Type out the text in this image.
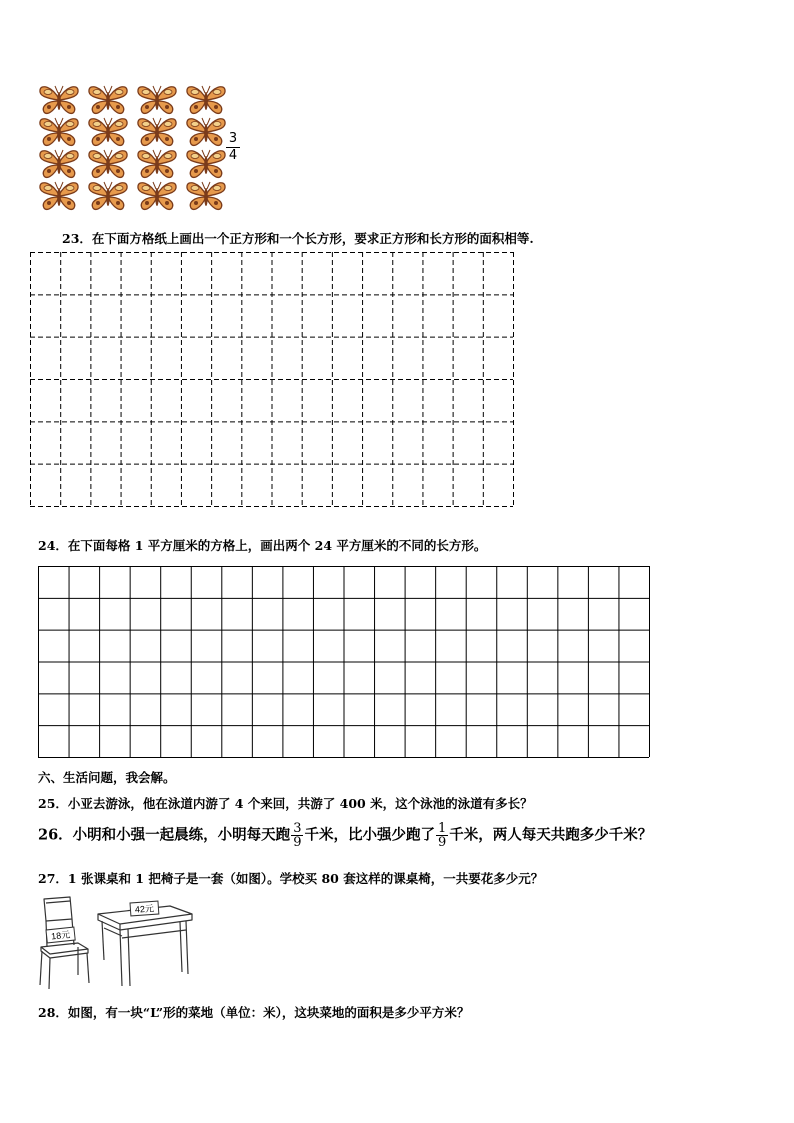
$\frac{3}{4}$
23．在下面方格纸上画出一个正方形和一个长方形，要求正方形和长方形的面积相等.
24．在下面每格 1 平方厘米的方格上，画出两个 24 平方厘米的不同的长方形。
六、生活问题，我会解。
25．小亚去游泳，他在泳道内游了 4 个来回，共游了 400 米，这个泳池的泳道有多长？
26．小明和小强一起晨练，小明每天跑 $\frac{3}{9}$ 千米，比小强少跑了 $\frac{1}{9}$ 千米，两人每天共跑多少千米？
27．1 张课桌和 1 把椅子是一套（如图）。学校买 80 套这样的课桌椅，一共要花多少元？
18元
42元
28．如图，有一块“L”形的菜地（单位：米），这块菜地的面积是多少平方米？
